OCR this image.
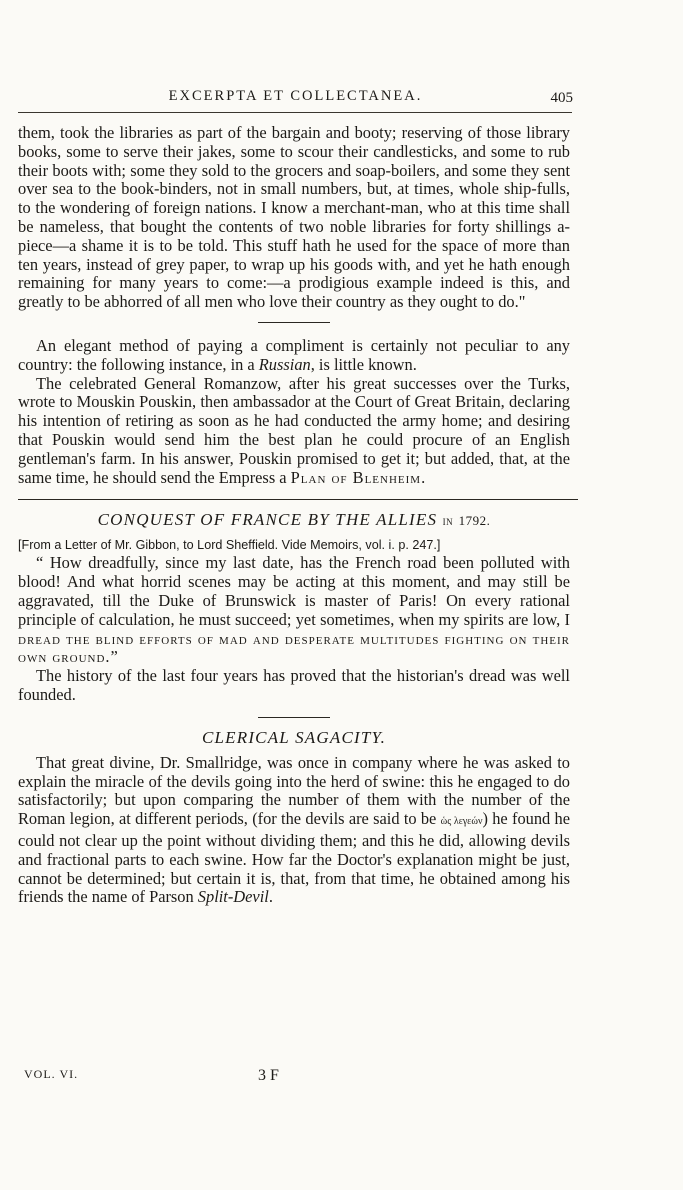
EXCERPTA ET COLLECTANEA.	405

them, took the libraries as part of the bargain and booty; reserving of those library books, some to serve their jakes, some to scour their candlesticks, and some to rub their boots with; some they sold to the grocers and soap-boilers, and some they sent over sea to the book-binders, not in small numbers, but, at times, whole ship-fulls, to the wondering of foreign nations. I know a merchant-man, who at this time shall be nameless, that bought the contents of two noble libraries for forty shillings a-piece—a shame it is to be told. This stuff hath he used for the space of more than ten years, instead of grey paper, to wrap up his goods with, and yet he hath enough remaining for many years to come:—a prodigious example indeed is this, and greatly to be abhorred of all men who love their country as they ought to do."

An elegant method of paying a compliment is certainly not peculiar to any country: the following instance, in a Russian, is little known.

The celebrated General Romanzow, after his great successes over the Turks, wrote to Mouskin Pouskin, then ambassador at the Court of Great Britain, declaring his intention of retiring as soon as he had conducted the army home; and desiring that Pouskin would send him the best plan he could procure of an English gentleman's farm. In his answer, Pouskin promised to get it; but added, that, at the same time, he should send the Empress a Plan of Blenheim.

CONQUEST OF FRANCE BY THE ALLIES in 1792.
[From a Letter of Mr. Gibbon, to Lord Sheffield. Vide Memoirs, vol. i. p. 247.]

“ How dreadfully, since my last date, has the French road been polluted with blood! And what horrid scenes may be acting at this moment, and may still be aggravated, till the Duke of Brunswick is master of Paris! On every rational principle of calculation, he must succeed; yet sometimes, when my spirits are low, I dread the blind efforts of mad and desperate multitudes fighting on their own ground.”

The history of the last four years has proved that the historian's dread was well founded.

CLERICAL SAGACITY.

That great divine, Dr. Smallridge, was once in company where he was asked to explain the miracle of the devils going into the herd of swine: this he engaged to do satisfactorily; but upon comparing the number of them with the number of the Roman legion, at different periods, (for the devils are said to be ὡς λεγεών) he found he could not clear up the point without dividing them; and this he did, allowing devils and fractional parts to each swine. How far the Doctor's explanation might be just, cannot be determined; but certain it is, that, from that time, he obtained among his friends the name of Parson Split-Devil.

VOL. VI.	3 F
